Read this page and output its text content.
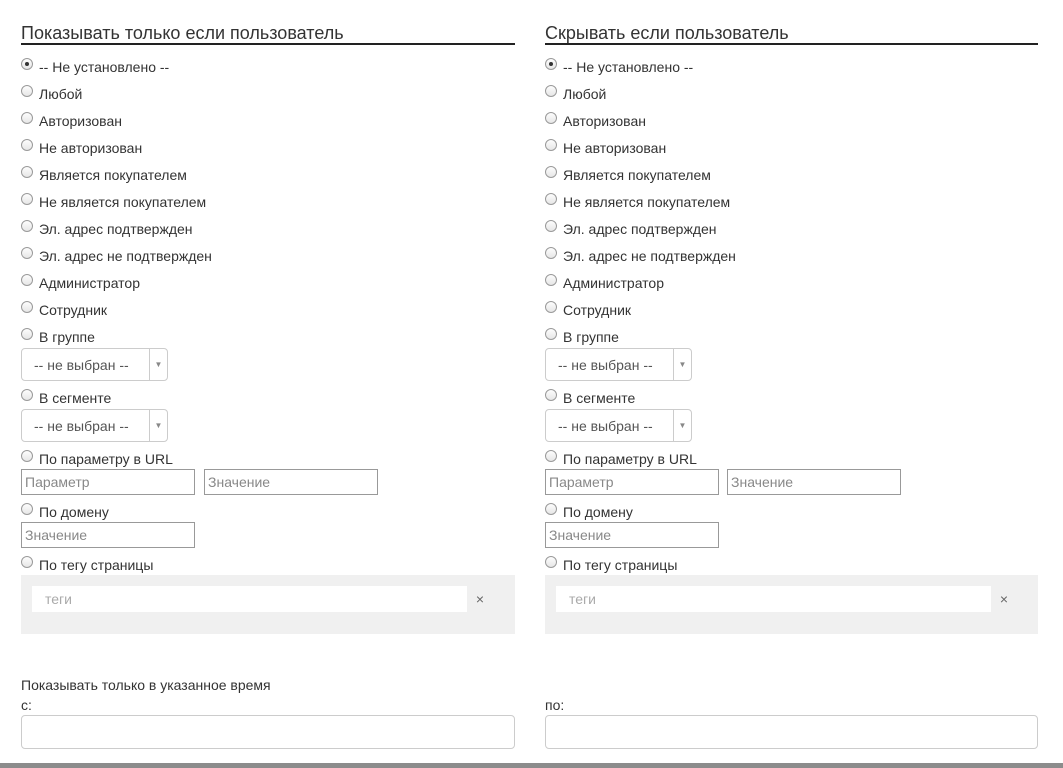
Показывать только если пользователь
-- Не установлено --
Любой
Авторизован
Не авторизован
Является покупателем
Не является покупателем
Эл. адрес подтвержден
Эл. адрес не подтвержден
Администратор
Сотрудник
В группе
-- не выбран --	▼
В сегменте
-- не выбран --	▼
По параметру в URL
Параметр
Значение
По домену
Значение
По тегу страницы
теги
×
Скрывать если пользователь
-- Не установлено --
Любой
Авторизован
Не авторизован
Является покупателем
Не является покупателем
Эл. адрес подтвержден
Эл. адрес не подтвержден
Администратор
Сотрудник
В группе
-- не выбран --	▼
В сегменте
-- не выбран --	▼
По параметру в URL
Параметр
Значение
По домену
Значение
По тегу страницы
теги
×
Показывать только в указанное время
с:	по:
